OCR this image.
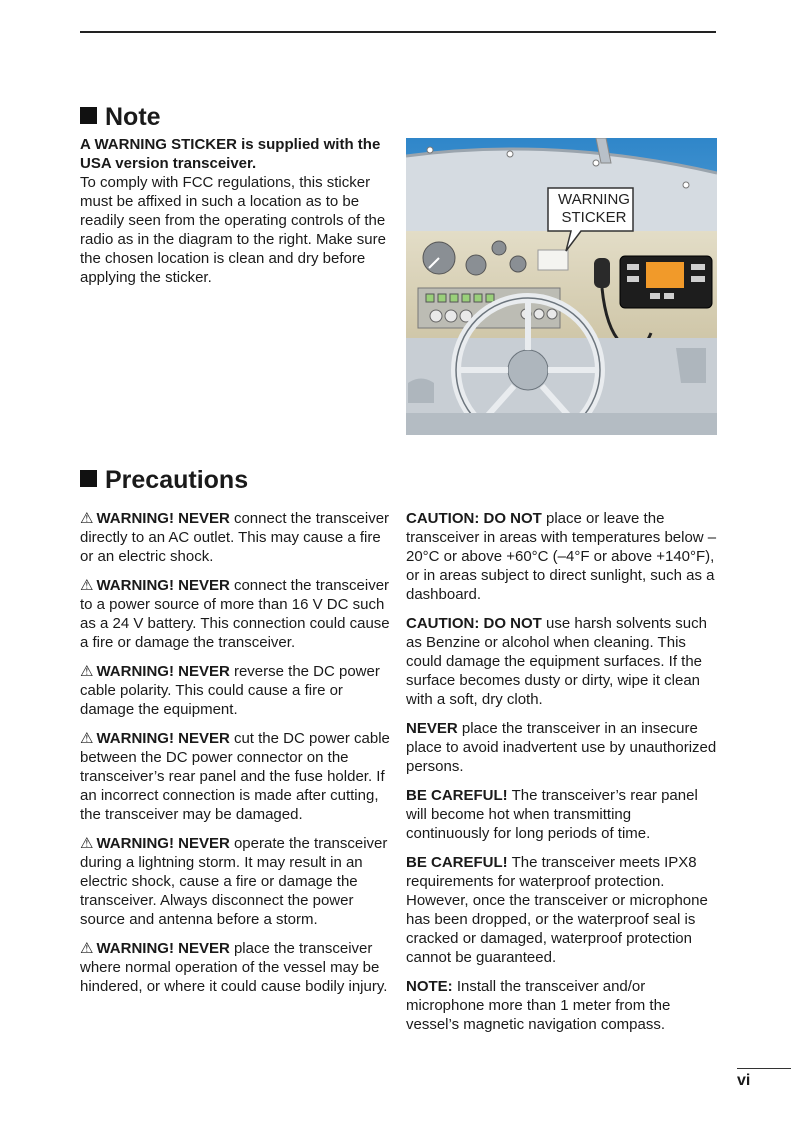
Note
A WARNING STICKER is supplied with the USA version transceiver.
To comply with FCC regulations, this sticker must be affixed in such a location as to be readily seen from the operating controls of the radio as in the diagram to the right. Make sure the chosen location is clean and dry before applying the sticker.
WARNING
STICKER
Precautions

⚠ WARNING! NEVER connect the transceiver directly to an AC outlet. This may cause a fire or an electric shock.

⚠ WARNING! NEVER connect the transceiver to a power source of more than 16 V DC such as a 24 V battery. This connection could cause a fire or damage the transceiver.

⚠ WARNING! NEVER reverse the DC power cable polarity. This could cause a fire or damage the equipment.

⚠ WARNING! NEVER cut the DC power cable between the DC power connector on the transceiver’s rear panel and the fuse holder. If an incorrect connection is made after cutting, the transceiver may be damaged.

⚠ WARNING! NEVER operate the transceiver during a lightning storm. It may result in an electric shock, cause a fire or damage the transceiver. Always disconnect the power source and antenna before a storm.

⚠ WARNING! NEVER place the transceiver where normal operation of the vessel may be hindered, or where it could cause bodily injury.

CAUTION: DO NOT place or leave the transceiver in areas with temperatures below –20°C or above +60°C (–4°F or above +140°F), or in areas subject to direct sunlight, such as a dashboard.

CAUTION: DO NOT use harsh solvents such as Benzine or alcohol when cleaning. This could damage the equipment surfaces. If the surface becomes dusty or dirty, wipe it clean with a soft, dry cloth.

NEVER place the transceiver in an insecure place to avoid inadvertent use by unauthorized persons.

BE CAREFUL! The transceiver’s rear panel will become hot when transmitting continuously for long periods of time.

BE CAREFUL! The transceiver meets IPX8 requirements for waterproof protection. However, once the transceiver or microphone has been dropped, or the waterproof seal is cracked or damaged, waterproof protection cannot be guaranteed.

NOTE: Install the transceiver and/or microphone more than 1 meter from the vessel’s magnetic navigation compass.

vi
